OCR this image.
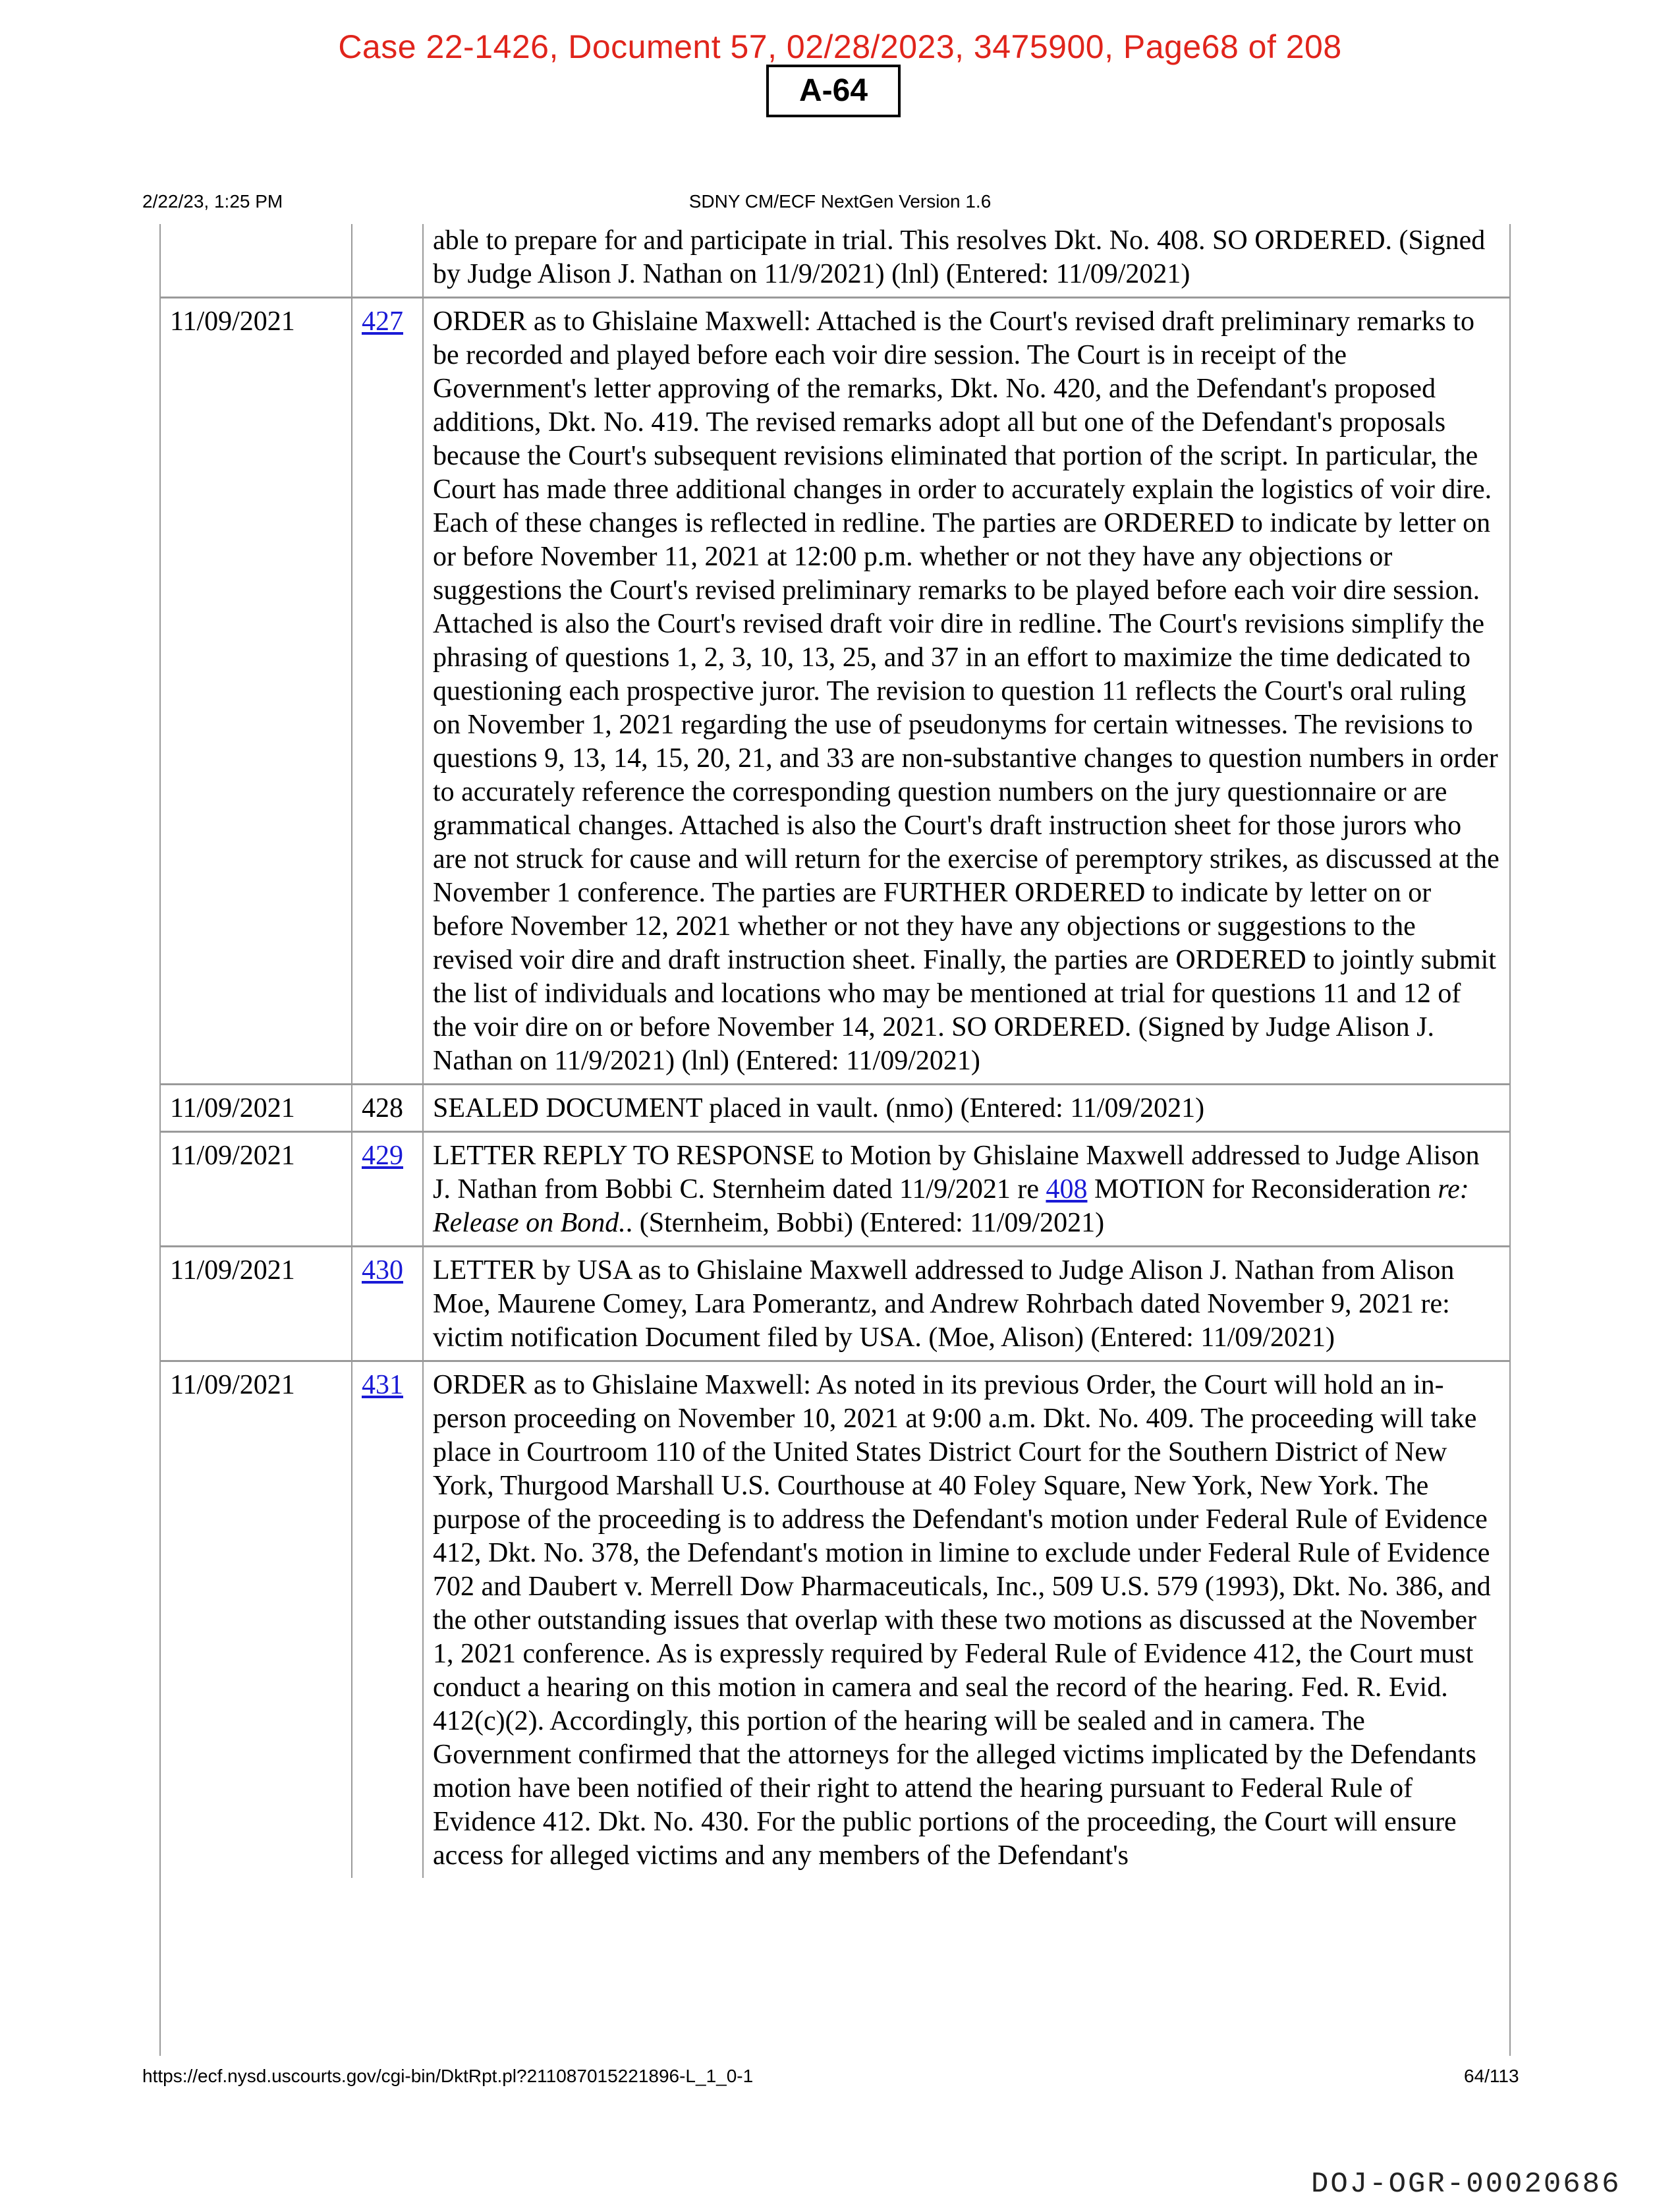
Case 22-1426, Document 57, 02/28/2023, 3475900, Page68 of 208
A-64
2/22/23, 1:25 PM	SDNY CM/ECF NextGen Version 1.6
		able to prepare for and participate in trial. This resolves Dkt. No. 408. SO ORDERED. (Signed by Judge Alison J. Nathan on 11/9/2021) (lnl) (Entered: 11/09/2021)
11/09/2021	427	ORDER as to Ghislaine Maxwell: Attached is the Court's revised draft preliminary remarks to be recorded and played before each voir dire session. The Court is in receipt of the Government's letter approving of the remarks, Dkt. No. 420, and the Defendant's proposed additions, Dkt. No. 419. The revised remarks adopt all but one of the Defendant's proposals because the Court's subsequent revisions eliminated that portion of the script. In particular, the Court has made three additional changes in order to accurately explain the logistics of voir dire. Each of these changes is reflected in redline. The parties are ORDERED to indicate by letter on or before November 11, 2021 at 12:00 p.m. whether or not they have any objections or suggestions the Court's revised preliminary remarks to be played before each voir dire session. Attached is also the Court's revised draft voir dire in redline. The Court's revisions simplify the phrasing of questions 1, 2, 3, 10, 13, 25, and 37 in an effort to maximize the time dedicated to questioning each prospective juror. The revision to question 11 reflects the Court's oral ruling on November 1, 2021 regarding the use of pseudonyms for certain witnesses. The revisions to questions 9, 13, 14, 15, 20, 21, and 33 are non-substantive changes to question numbers in order to accurately reference the corresponding question numbers on the jury questionnaire or are grammatical changes. Attached is also the Court's draft instruction sheet for those jurors who are not struck for cause and will return for the exercise of peremptory strikes, as discussed at the November 1 conference. The parties are FURTHER ORDERED to indicate by letter on or before November 12, 2021 whether or not they have any objections or suggestions to the revised voir dire and draft instruction sheet. Finally, the parties are ORDERED to jointly submit the list of individuals and locations who may be mentioned at trial for questions 11 and 12 of the voir dire on or before November 14, 2021. SO ORDERED. (Signed by Judge Alison J. Nathan on 11/9/2021) (lnl) (Entered: 11/09/2021)
11/09/2021	428	SEALED DOCUMENT placed in vault. (nmo) (Entered: 11/09/2021)
11/09/2021	429	LETTER REPLY TO RESPONSE to Motion by Ghislaine Maxwell addressed to Judge Alison J. Nathan from Bobbi C. Sternheim dated 11/9/2021 re 408 MOTION for Reconsideration re: Release on Bond.. (Sternheim, Bobbi) (Entered: 11/09/2021)
11/09/2021	430	LETTER by USA as to Ghislaine Maxwell addressed to Judge Alison J. Nathan from Alison Moe, Maurene Comey, Lara Pomerantz, and Andrew Rohrbach dated November 9, 2021 re: victim notification Document filed by USA. (Moe, Alison) (Entered: 11/09/2021)
11/09/2021	431	ORDER as to Ghislaine Maxwell: As noted in its previous Order, the Court will hold an in-person proceeding on November 10, 2021 at 9:00 a.m. Dkt. No. 409. The proceeding will take place in Courtroom 110 of the United States District Court for the Southern District of New York, Thurgood Marshall U.S. Courthouse at 40 Foley Square, New York, New York. The purpose of the proceeding is to address the Defendant's motion under Federal Rule of Evidence 412, Dkt. No. 378, the Defendant's motion in limine to exclude under Federal Rule of Evidence 702 and Daubert v. Merrell Dow Pharmaceuticals, Inc., 509 U.S. 579 (1993), Dkt. No. 386, and the other outstanding issues that overlap with these two motions as discussed at the November 1, 2021 conference. As is expressly required by Federal Rule of Evidence 412, the Court must conduct a hearing on this motion in camera and seal the record of the hearing. Fed. R. Evid. 412(c)(2). Accordingly, this portion of the hearing will be sealed and in camera. The Government confirmed that the attorneys for the alleged victims implicated by the Defendants motion have been notified of their right to attend the hearing pursuant to Federal Rule of Evidence 412. Dkt. No. 430. For the public portions of the proceeding, the Court will ensure access for alleged victims and any members of the Defendant's
https://ecf.nysd.uscourts.gov/cgi-bin/DktRpt.pl?211087015221896-L_1_0-1	64/113
DOJ-OGR-00020686
